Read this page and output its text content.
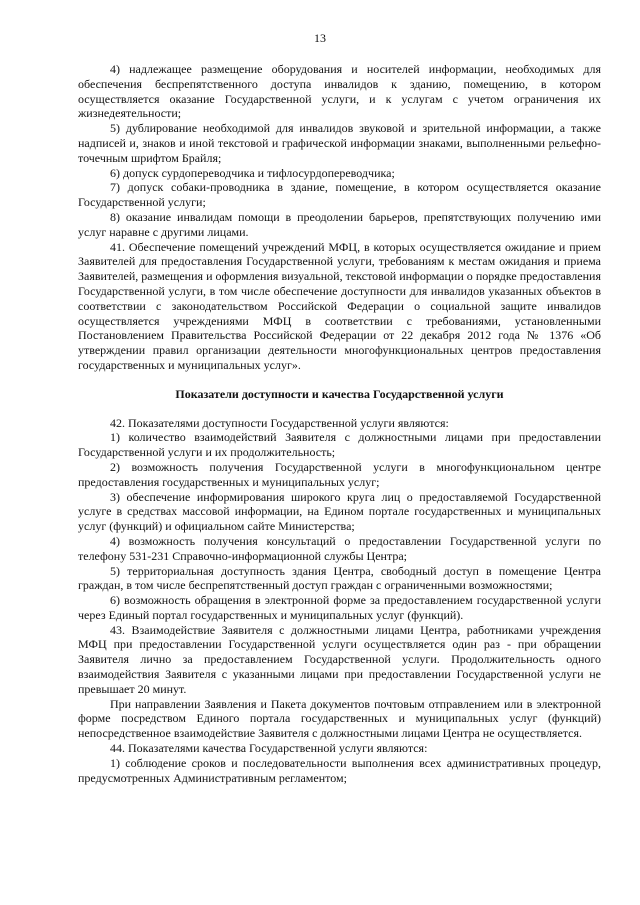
13

4) надлежащее размещение оборудования и носителей информации, необходимых для обеспечения беспрепятственного доступа инвалидов к зданию, помещению, в котором осуществляется оказание Государственной услуги, и к услугам с учетом ограничения их жизнедеятельности;

5) дублирование необходимой для инвалидов звуковой и зрительной информации, а также надписей и, знаков и иной текстовой и графической информации знаками, выполненными рельефно-точечным шрифтом Брайля;

6) допуск сурдопереводчика и тифлосурдопереводчика;

7) допуск собаки-проводника в здание, помещение, в котором осуществляется оказание Государственной услуги;

8) оказание инвалидам помощи в преодолении барьеров, препятствующих получению ими услуг наравне с другими лицами.

41. Обеспечение помещений учреждений МФЦ, в которых осуществляется ожидание и прием Заявителей для предоставления Государственной услуги, требованиям к местам ожидания и приема Заявителей, размещения и оформления визуальной, текстовой информации о порядке предоставления Государственной услуги, в том числе обеспечение доступности для инвалидов указанных объектов в соответствии с законодательством Российской Федерации о социальной защите инвалидов осуществляется учреждениями МФЦ в соответствии с требованиями, установленными Постановлением Правительства Российской Федерации от 22 декабря 2012 года № 1376 «Об утверждении правил организации деятельности многофункциональных центров предоставления государственных и муниципальных услуг».

Показатели доступности и качества Государственной услуги

42. Показателями доступности Государственной услуги являются:

1) количество взаимодействий Заявителя с должностными лицами при предоставлении Государственной услуги и их продолжительность;

2) возможность получения Государственной услуги в многофункциональном центре предоставления государственных и муниципальных услуг;

3) обеспечение информирования широкого круга лиц о предоставляемой Государственной услуге в средствах массовой информации, на Едином портале государственных и муниципальных услуг (функций) и официальном сайте Министерства;

4) возможность получения консультаций о предоставлении Государственной услуги по телефону 531-231 Справочно-информационной службы Центра;

5) территориальная доступность здания Центра, свободный доступ в помещение Центра граждан, в том числе беспрепятственный доступ граждан с ограниченными возможностями;

6) возможность обращения в электронной форме за предоставлением государственной услуги через Единый портал государственных и муниципальных услуг (функций).

43. Взаимодействие Заявителя с должностными лицами Центра, работниками учреждения МФЦ при предоставлении Государственной услуги осуществляется один раз - при обращении Заявителя лично за предоставлением Государственной услуги. Продолжительность одного взаимодействия Заявителя с указанными лицами при предоставлении Государственной услуги не превышает 20 минут.

При направлении Заявления и Пакета документов почтовым отправлением или в электронной форме посредством Единого портала государственных и муниципальных услуг (функций) непосредственное взаимодействие Заявителя с должностными лицами Центра не осуществляется.

44. Показателями качества Государственной услуги являются:

1) соблюдение сроков и последовательности выполнения всех административных процедур, предусмотренных Административным регламентом;
